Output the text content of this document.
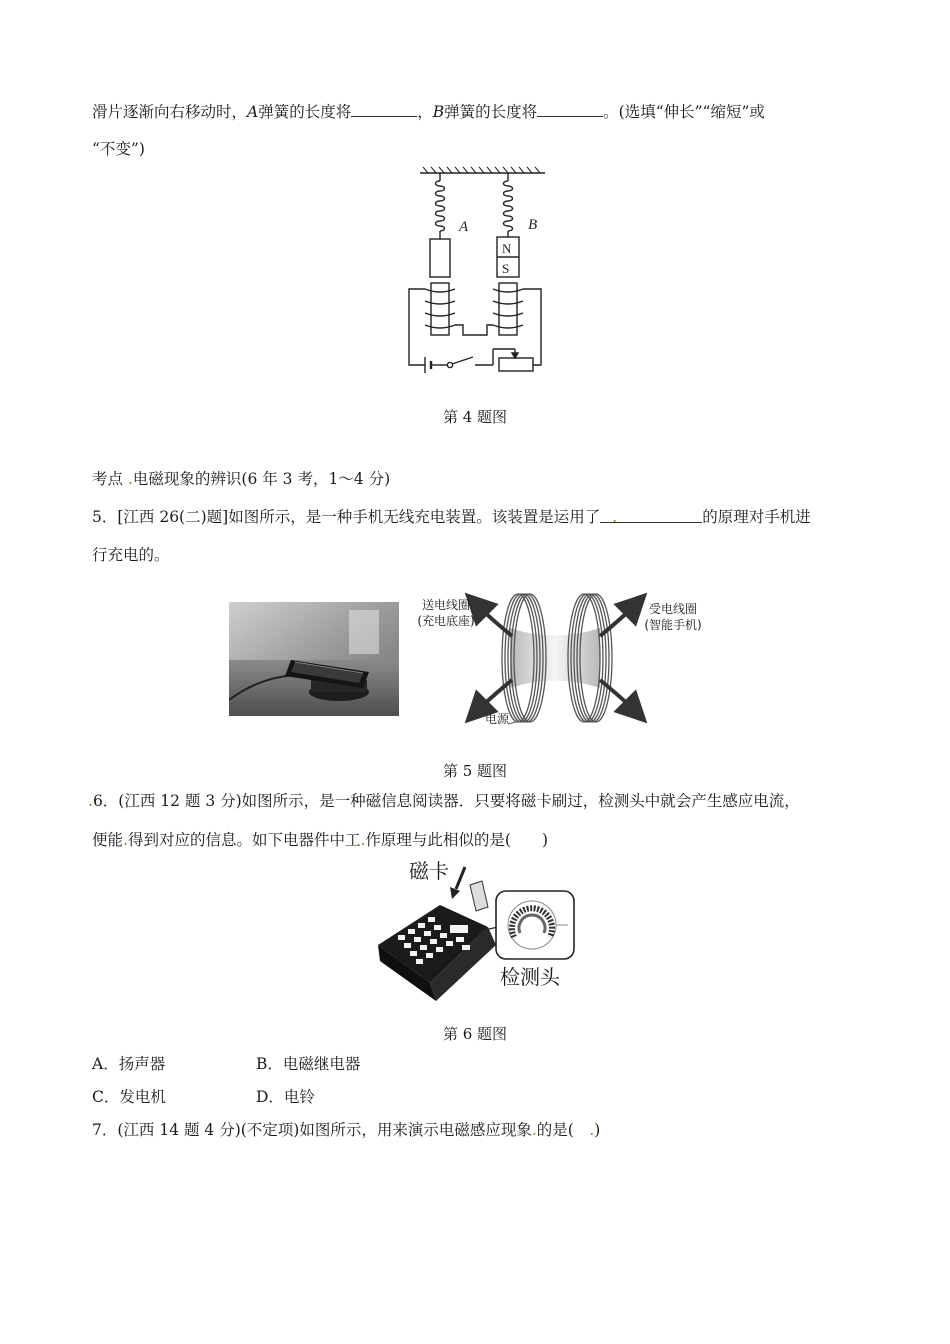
滑片逐渐向右移动时，A弹簧的长度将	，B弹簧的长度将	。(选填“伸长”“缩短”或
“不变”)
A	B
N
S
第 4 题图
考点 .电磁现象的辨识(6 年 3 考，1～4 分)
5．[江西 26(二)题]如图所示，是一种手机无线充电装置。该装置是运用了 .	的原理对手机进
行充电的。
送电线圈
(充电底座)
受电线圈
(智能手机)
电源
第 5 题图
.6．(江西 12 题 3 分)如图所示，是一种磁信息阅读器．只要将磁卡刷过，检测头中就会产生感应电流，
便能.得到对应的信息。如下电器件中工.作原理与此相似的是(　　)
磁卡
检测头
第 6 题图
A．扬声器	B．电磁继电器
C．发电机	D．电铃
7．(江西 14 题 4 分)(不定项)如图所示，用来演示电磁感应现象.的是(　.)
